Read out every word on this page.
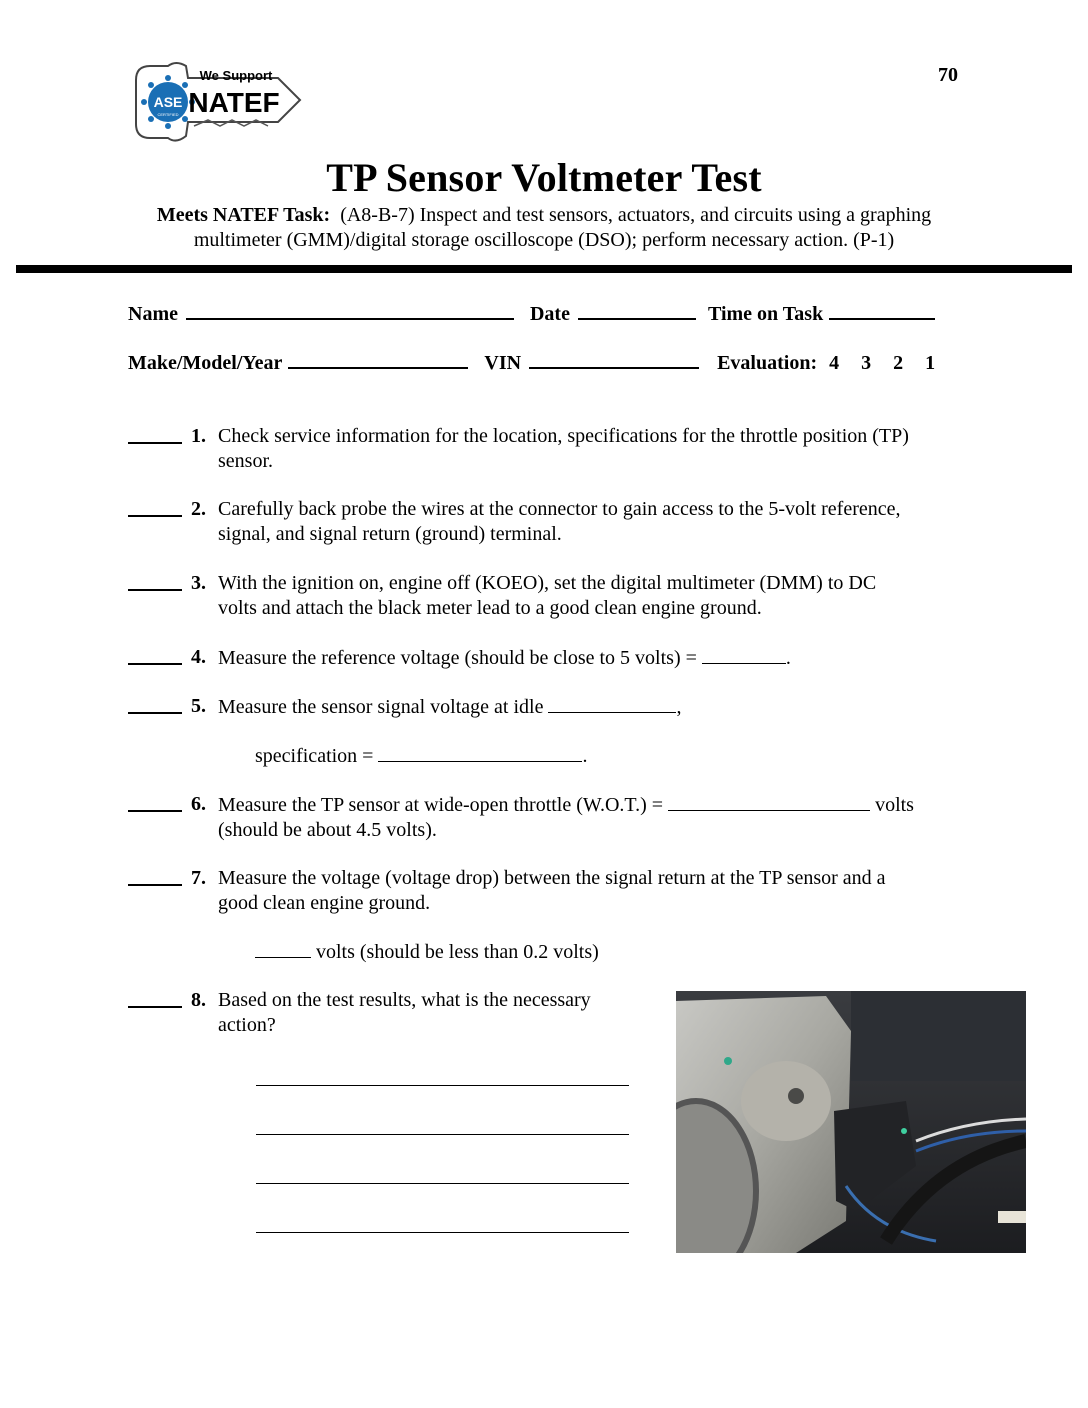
ASE
CERTIFIED
We Support
NATEF
70
TP Sensor Voltmeter Test
Meets NATEF Task: (A8-B-7) Inspect and test sensors, actuators, and circuits using a graphing
multimeter (GMM)/digital storage oscilloscope (DSO); perform necessary action. (P-1)
Name	Date	Time on Task
Make/Model/Year	VIN	Evaluation: 4 3 2 1
1. Check service information for the location, specifications for the throttle position (TP)
sensor.
2. Carefully back probe the wires at the connector to gain access to the 5-volt reference,
signal, and signal return (ground) terminal.
3. With the ignition on, engine off (KOEO), set the digital multimeter (DMM) to DC
volts and attach the black meter lead to a good clean engine ground.
4. Measure the reference voltage (should be close to 5 volts) =	.
5. Measure the sensor signal voltage at idle	,
specification =	.
6. Measure the TP sensor at wide-open throttle (W.O.T.) =	volts
(should be about 4.5 volts).
7. Measure the voltage (voltage drop) between the signal return at the TP sensor and a
good clean engine ground.
volts (should be less than 0.2 volts)
8. Based on the test results, what is the necessary
action?
